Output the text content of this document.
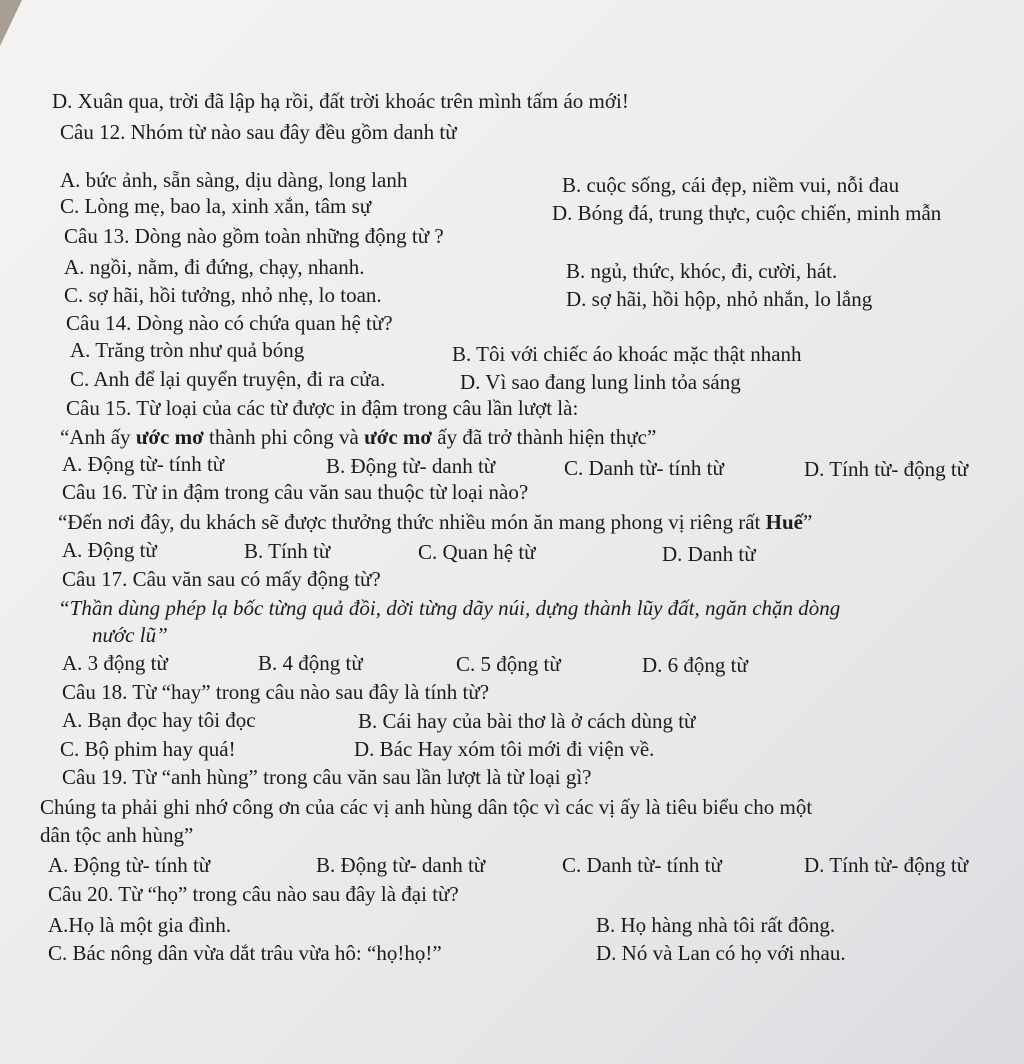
D. Xuân qua, trời đã lập hạ rồi, đất trời khoác trên mình tấm áo mới!
Câu 12. Nhóm từ nào sau đây đều gồm danh từ
A. bức ảnh, sẵn sàng, dịu dàng, long lanh	B. cuộc sống, cái đẹp, niềm vui, nỗi đau
C. Lòng mẹ, bao la, xinh xắn, tâm sự	D. Bóng đá, trung thực, cuộc chiến, minh mẫn
Câu 13. Dòng nào gồm toàn những động từ ?
A. ngồi, nằm, đi đứng, chạy, nhanh.	B. ngủ, thức, khóc, đi, cười, hát.
C. sợ hãi, hồi tưởng, nhỏ nhẹ, lo toan.	D. sợ hãi, hồi hộp, nhỏ nhắn, lo lắng
Câu 14. Dòng nào có chứa quan hệ từ?
A. Trăng tròn như quả bóng	B. Tôi với chiếc áo khoác mặc thật nhanh
C. Anh để lại quyển truyện, đi ra cửa.	D. Vì sao đang lung linh tỏa sáng
Câu 15. Từ loại của các từ được in đậm trong câu lần lượt là:
“Anh ấy ước mơ thành phi công và ước mơ ấy đã trở thành hiện thực”
A. Động từ- tính từ	B. Động từ- danh từ	C. Danh từ- tính từ	D. Tính từ- động từ
Câu 16. Từ in đậm trong câu văn sau thuộc từ loại nào?
“Đến nơi đây, du khách sẽ được thưởng thức nhiều món ăn mang phong vị riêng rất Huế”
A. Động từ	B. Tính từ	C. Quan hệ từ	D. Danh từ
Câu 17. Câu văn sau có mấy động từ?
“Thần dùng phép lạ bốc từng quả đồi, dời từng dãy núi, dựng thành lũy đất, ngăn chặn dòng
nước lũ”
A. 3 động từ	B. 4 động từ	C. 5 động từ	D. 6 động từ
Câu 18. Từ “hay” trong câu nào sau đây là tính từ?
A. Bạn đọc hay tôi đọc	B. Cái hay của bài thơ là ở cách dùng từ
C. Bộ phim hay quá!	D. Bác Hay xóm tôi mới đi viện về.
Câu 19. Từ “anh hùng” trong câu văn sau lần lượt là từ loại gì?
Chúng ta phải ghi nhớ công ơn của các vị anh hùng dân tộc vì các vị ấy là tiêu biểu cho một
dân tộc anh hùng”
A. Động từ- tính từ	B. Động từ- danh từ	C. Danh từ- tính từ	D. Tính từ- động từ
Câu 20. Từ “họ” trong câu nào sau đây là đại từ?
A.Họ là một gia đình.	B. Họ hàng nhà tôi rất đông.
C. Bác nông dân vừa dắt trâu vừa hô: “họ!họ!”	D. Nó và Lan có họ với nhau.
